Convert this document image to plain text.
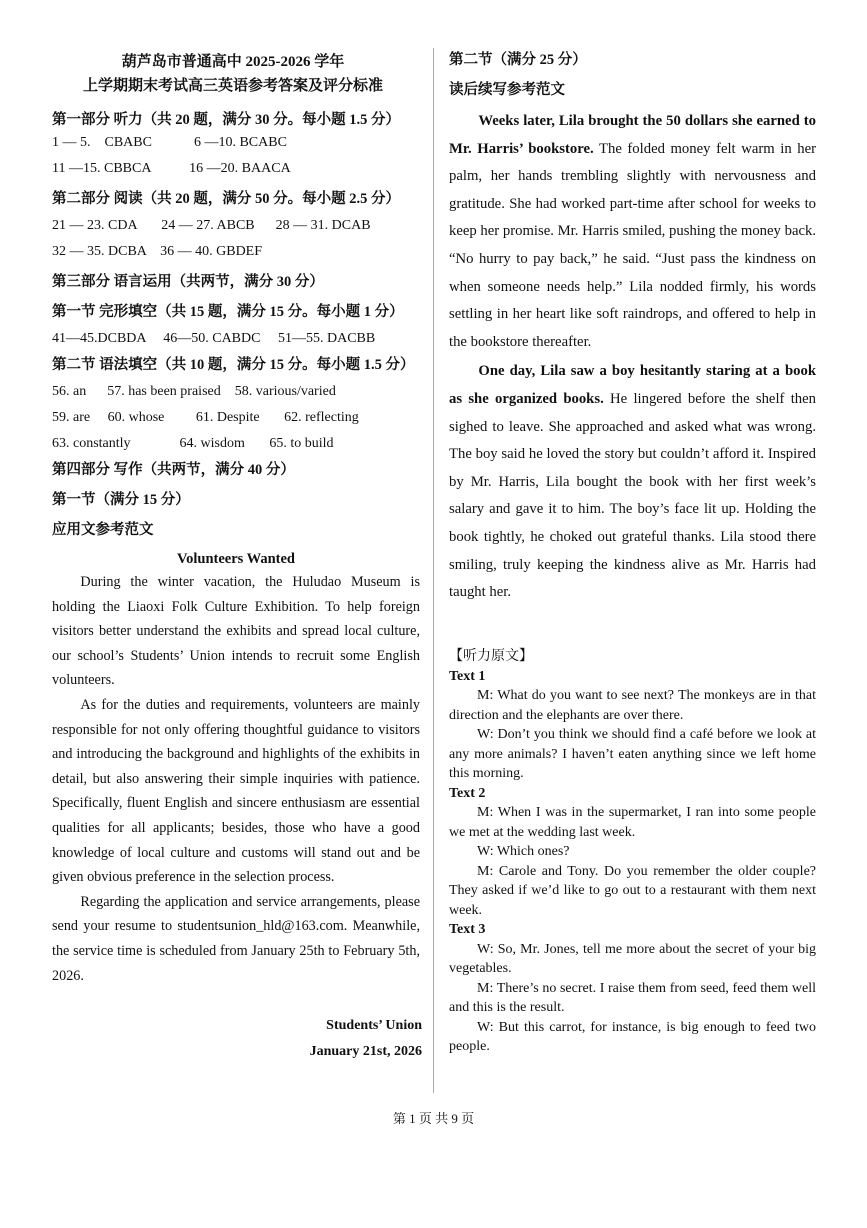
葫芦岛市普通高中 2025-2026 学年
上学期期末考试高三英语参考答案及评分标准
第一部分 听力（共 20 题，满分 30 分。每小题 1.5 分）
1 — 5.    CBABC            6 —10. BCABC
11 —15. CBBCA           16 —20. BAACA
第二部分 阅读（共 20 题，满分 50 分。每小题 2.5 分）
21 — 23. CDA       24 — 27. ABCB      28 — 31. DCAB
32 — 35. DCBA    36 — 40. GBDEF
第三部分 语言运用（共两节，满分 30 分）
第一节 完形填空（共 15 题，满分 15 分。每小题 1 分）
41—45.DCBDA     46—50. CABDC     51—55. DACBB
第二节 语法填空（共 10 题，满分 15 分。每小题 1.5 分）
56. an      57. has been praised    58. various/varied
59. are     60. whose         61. Despite       62. reflecting
63. constantly              64. wisdom       65. to build
第四部分 写作（共两节，满分 40 分）
第一节（满分 15 分）
应用文参考范文
Volunteers Wanted

During the winter vacation, the Huludao Museum is holding the Liaoxi Folk Culture Exhibition. To help foreign visitors better understand the exhibits and spread local culture, our school’s Students’ Union intends to recruit some English volunteers.

As for the duties and requirements, volunteers are mainly responsible for not only offering thoughtful guidance to visitors and introducing the background and highlights of the exhibits in detail, but also answering their simple inquiries with patience. Specifically, fluent English and sincere enthusiasm are essential qualities for all applicants; besides, those who have a good knowledge of local culture and customs will stand out and be given obvious preference in the selection process.

Regarding the application and service arrangements, please send your resume to studentsunion_hld@163.com. Meanwhile, the service time is scheduled from January 25th to February 5th, 2026.

Students’ Union
January 21st, 2026
第二节（满分 25 分）
读后续写参考范文

Weeks later, Lila brought the 50 dollars she earned to Mr. Harris’ bookstore. The folded money felt warm in her palm, her hands trembling slightly with nervousness and gratitude. She had worked part-time after school for weeks to keep her promise. Mr. Harris smiled, pushing the money back. “No hurry to pay back,” he said. “Just pass the kindness on when someone needs help.” Lila nodded firmly, his words settling in her heart like soft raindrops, and offered to help in the bookstore thereafter.

One day, Lila saw a boy hesitantly staring at a book as she organized books. He lingered before the shelf then sighed to leave. She approached and asked what was wrong. The boy said he loved the story but couldn’t afford it. Inspired by Mr. Harris, Lila bought the book with her first week’s salary and gave it to him. The boy’s face lit up. Holding the book tightly, he choked out grateful thanks. Lila stood there smiling, truly keeping the kindness alive as Mr. Harris had taught her.

【听力原文】
Text 1

M: What do you want to see next? The monkeys are in that direction and the elephants are over there.

W: Don’t you think we should find a café before we look at any more animals? I haven’t eaten anything since we left home this morning.

Text 2

M: When I was in the supermarket, I ran into some people we met at the wedding last week.

W: Which ones?

M: Carole and Tony. Do you remember the older couple? They asked if we’d like to go out to a restaurant with them next week.

Text 3

W: So, Mr. Jones, tell me more about the secret of your big vegetables.

M: There’s no secret. I raise them from seed, feed them well and this is the result.

W: But this carrot, for instance, is big enough to feed two people.

第 1 页 共 9 页
